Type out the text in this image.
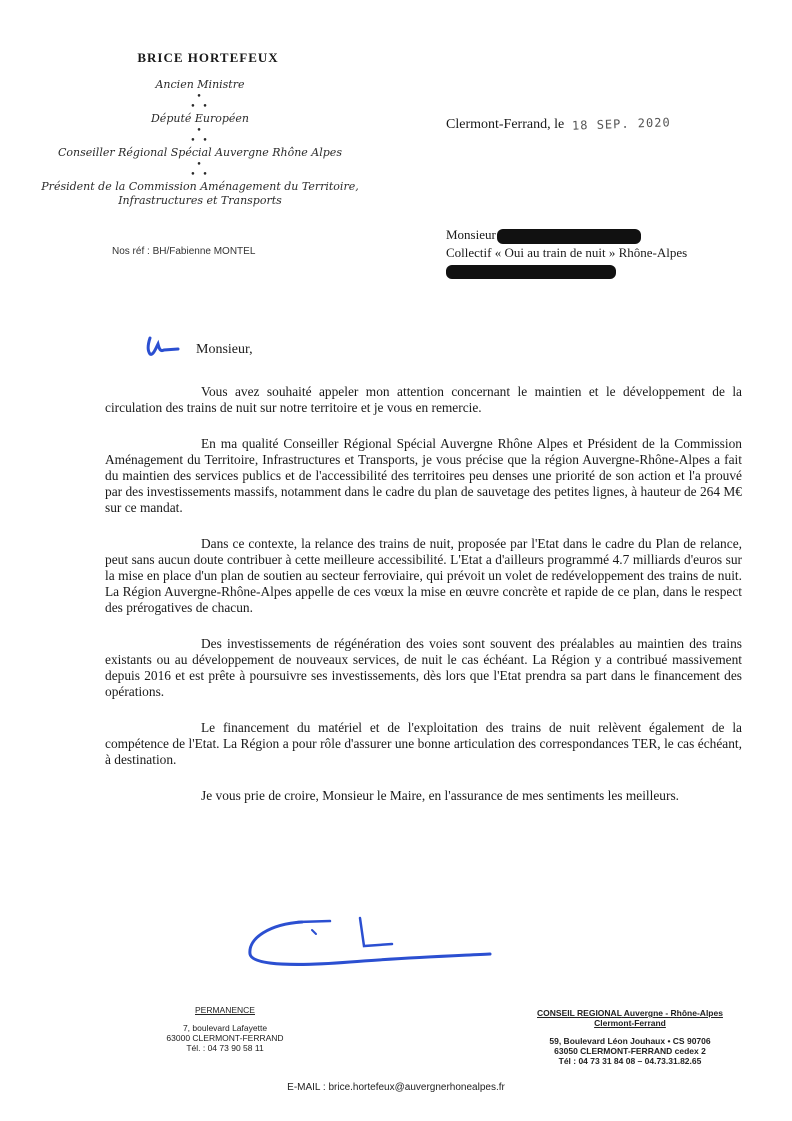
BRICE HORTEFEUX
Ancien Ministre
•
• •
Député Européen
•
• •
Conseiller Régional Spécial Auvergne Rhône Alpes
•
• •
Président de la Commission Aménagement du Territoire,
Infrastructures et Transports
Nos réf : BH/Fabienne MONTEL
Clermont-Ferrand, le 18 SEP. 2020
Monsieur
Collectif « Oui au train de nuit » Rhône-Alpes
Monsieur,

Vous avez souhaité appeler mon attention concernant le maintien et le développement de la circulation des trains de nuit sur notre territoire et je vous en remercie.

En ma qualité Conseiller Régional Spécial Auvergne Rhône Alpes et Président de la Commission Aménagement du Territoire, Infrastructures et Transports, je vous précise que la région Auvergne-Rhône-Alpes a fait du maintien des services publics et de l'accessibilité des territoires peu denses une priorité de son action et l'a prouvé par des investissements massifs, notamment dans le cadre du plan de sauvetage des petites lignes, à hauteur de 264 M€ sur ce mandat.

Dans ce contexte, la relance des trains de nuit, proposée par l'Etat dans le cadre du Plan de relance, peut sans aucun doute contribuer à cette meilleure accessibilité. L'Etat a d'ailleurs programmé 4.7 milliards d'euros sur la mise en place d'un plan de soutien au secteur ferroviaire, qui prévoit un volet de redéveloppement des trains de nuit. La Région Auvergne-Rhône-Alpes appelle de ces vœux la mise en œuvre concrète et rapide de ce plan, dans le respect des prérogatives de chacun.

Des investissements de régénération des voies sont souvent des préalables au maintien des trains existants ou au développement de nouveaux services, de nuit le cas échéant. La Région y a contribué massivement depuis 2016 et est prête à poursuivre ses investissements, dès lors que l'Etat prendra sa part dans le financement des opérations.

Le financement du matériel et de l'exploitation des trains de nuit relèvent également de la compétence de l'Etat. La Région a pour rôle d'assurer une bonne articulation des correspondances TER, le cas échéant, à destination.

Je vous prie de croire, Monsieur le Maire, en l'assurance de mes sentiments les meilleurs.

PERMANENCE
7, boulevard Lafayette
63000 CLERMONT-FERRAND
Tél. : 04 73 90 58 11
CONSEIL REGIONAL Auvergne - Rhône-Alpes
Clermont-Ferrand
59, Boulevard Léon Jouhaux • CS 90706
63050 CLERMONT-FERRAND cedex 2
Tél : 04 73 31 84 08 – 04.73.31.82.65
E-MAIL : brice.hortefeux@auvergnerhonealpes.fr
